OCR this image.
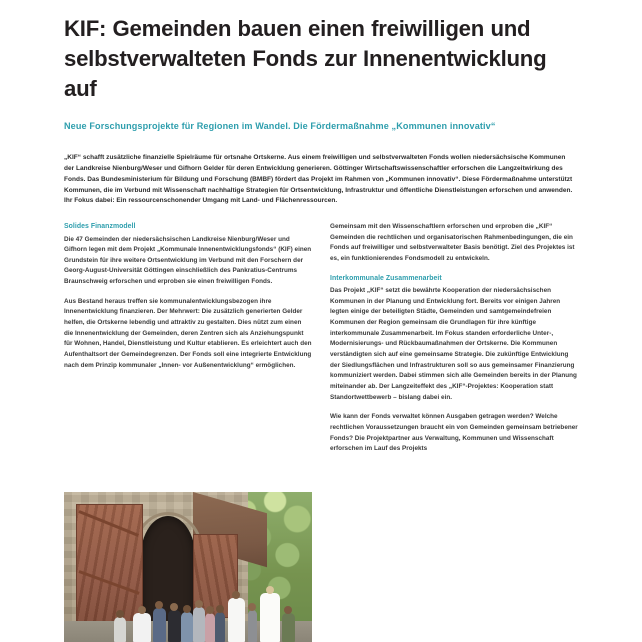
KIF: Gemeinden bauen einen freiwilligen und selbstverwalteten Fonds zur Innenentwicklung auf
Neue Forschungsprojekte für Regionen im Wandel. Die Fördermaßnahme „Kommunen innovativ“

„KIF“ schafft zusätzliche finanzielle Spielräume für ortsnahe Ortskerne. Aus einem freiwilligen und selbstverwalteten Fonds wollen niedersächsische Kommunen der Landkreise Nienburg/Weser und Gifhorn Gelder für deren Entwicklung generieren. Göttinger Wirtschaftswissenschaftler erforschen die Langzeitwirkung des Fonds. Das Bundesministerium für Bildung und Forschung (BMBF) fördert das Projekt im Rahmen von „Kommunen innovativ“. Diese Fördermaßnahme unterstützt Kommunen, die im Verbund mit Wissenschaft nachhaltige Strategien für Ortsentwicklung, Infrastruktur und öffentliche Dienstleistungen erforschen und anwenden. Ihr Fokus dabei: Ein ressourcenschonender Umgang mit Land- und Flächenressourcen.

Solides Finanzmodell

Die 47 Gemeinden der niedersächsischen Landkreise Nienburg/Weser und Gifhorn legen mit dem Projekt „Kommunale Innenentwicklungsfonds“ (KIF) einen Grundstein für ihre weitere Ortsentwicklung im Verbund mit den Forschern der Georg-August-Universität Göttingen einschließlich des Pankratius-Centrums Braunschweig erforschen und erproben sie einen freiwilligen Fonds.

Aus Bestand heraus treffen sie kommunalentwicklungsbezogen ihre Innenentwicklung finanzieren. Der Mehrwert: Die zusätzlich generierten Gelder helfen, die Ortskerne lebendig und attraktiv zu gestalten. Dies nützt zum einen die Innenentwicklung der Gemeinden, deren Zentren sich als Anziehungspunkt für Wohnen, Handel, Dienstleistung und Kultur etablieren. Es erleichtert auch den Aufenthaltsort der Gemeindegrenzen. Der Fonds soll eine integrierte Entwicklung nach dem Prinzip kommunaler „Innen- vor Außenentwicklung“ ermöglichen.

Gemeinsam mit den Wissenschaftlern erforschen und erproben die „KIF“ Gemeinden die rechtlichen und organisatorischen Rahmenbedingungen, die ein Fonds auf freiwilliger und selbstverwalteter Basis benötigt. Ziel des Projektes ist es, ein funktionierendes Fondsmodell zu entwickeln.

Interkommunale Zusammenarbeit

Das Projekt „KIF“ setzt die bewährte Kooperation der niedersächsischen Kommunen in der Planung und Entwicklung fort. Bereits vor einigen Jahren legten einige der beteiligten Städte, Gemeinden und samtgemeindefreien Kommunen der Region gemeinsam die Grundlagen für ihre künftige interkommunale Zusammenarbeit. Im Fokus standen erforderliche Unter-, Modernisierungs- und Rückbaumaßnahmen der Ortskerne. Die Kommunen verständigten sich auf eine gemeinsame Strategie. Die zukünftige Entwicklung der Siedlungsflächen und Infrastrukturen soll so aus gemeinsamer Finanzierung kommuniziert werden. Dabei stimmen sich alle Gemeinden bereits in der Planung miteinander ab. Der Langzeiteffekt des „KIF“-Projektes: Kooperation statt Standortwettbewerb – bislang dabei ein.

Wie kann der Fonds verwaltet können Ausgaben getragen werden? Welche rechtlichen Voraussetzungen braucht ein von Gemeinden gemeinsam betriebener Fonds? Die Projektpartner aus Verwaltung, Kommunen und Wissenschaft erforschen im Lauf des Projekts
